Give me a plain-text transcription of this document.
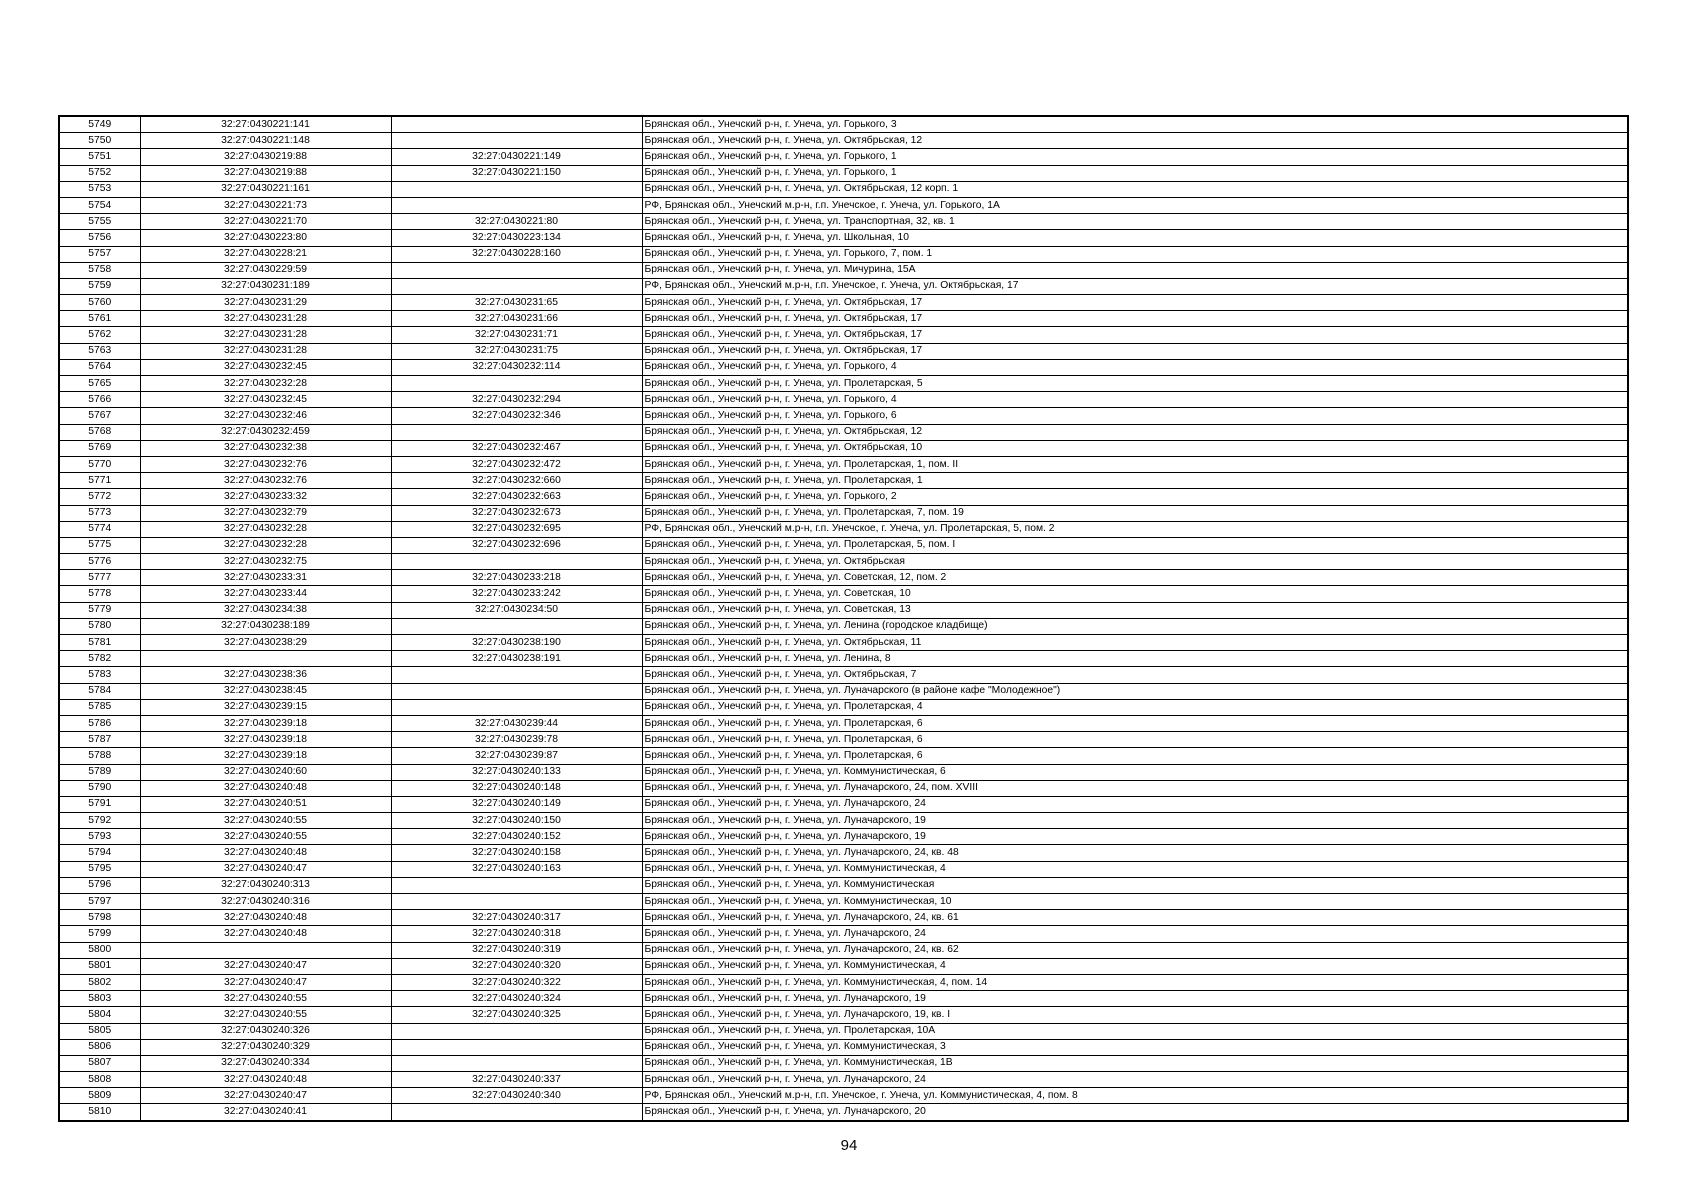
5749	32:27:0430221:141		Брянская обл., Унечский р-н, г. Унеча, ул. Горького, 3
5750	32:27:0430221:148		Брянская обл., Унечский р-н, г. Унеча, ул. Октябрьская, 12
5751	32:27:0430219:88	32:27:0430221:149	Брянская обл., Унечский р-н, г. Унеча, ул. Горького, 1
5752	32:27:0430219:88	32:27:0430221:150	Брянская обл., Унечский р-н, г. Унеча, ул. Горького, 1
5753	32:27:0430221:161		Брянская обл., Унечский р-н, г. Унеча, ул. Октябрьская, 12 корп. 1
5754	32:27:0430221:73		РФ, Брянская обл., Унечский м.р-н, г.п. Унечское, г. Унеча, ул. Горького, 1А
5755	32:27:0430221:70	32:27:0430221:80	Брянская обл., Унечский р-н, г. Унеча, ул. Транспортная, 32, кв. 1
5756	32:27:0430223:80	32:27:0430223:134	Брянская обл., Унечский р-н, г. Унеча, ул. Школьная, 10
5757	32:27:0430228:21	32:27:0430228:160	Брянская обл., Унечский р-н, г. Унеча, ул. Горького, 7, пом. 1
5758	32:27:0430229:59		Брянская обл., Унечский р-н, г. Унеча, ул. Мичурина, 15А
5759	32:27:0430231:189		РФ, Брянская обл., Унечский м.р-н, г.п. Унечское, г. Унеча, ул. Октябрьская, 17
5760	32:27:0430231:29	32:27:0430231:65	Брянская обл., Унечский р-н, г. Унеча, ул. Октябрьская, 17
5761	32:27:0430231:28	32:27:0430231:66	Брянская обл., Унечский р-н, г. Унеча, ул. Октябрьская, 17
5762	32:27:0430231:28	32:27:0430231:71	Брянская обл., Унечский р-н, г. Унеча, ул. Октябрьская, 17
5763	32:27:0430231:28	32:27:0430231:75	Брянская обл., Унечский р-н, г. Унеча, ул. Октябрьская, 17
5764	32:27:0430232:45	32:27:0430232:114	Брянская обл., Унечский р-н, г. Унеча, ул. Горького, 4
5765	32:27:0430232:28		Брянская обл., Унечский р-н, г. Унеча, ул. Пролетарская, 5
5766	32:27:0430232:45	32:27:0430232:294	Брянская обл., Унечский р-н, г. Унеча, ул. Горького, 4
5767	32:27:0430232:46	32:27:0430232:346	Брянская обл., Унечский р-н, г. Унеча, ул. Горького, 6
5768	32:27:0430232:459		Брянская обл., Унечский р-н, г. Унеча, ул. Октябрьская, 12
5769	32:27:0430232:38	32:27:0430232:467	Брянская обл., Унечский р-н, г. Унеча, ул. Октябрьская, 10
5770	32:27:0430232:76	32:27:0430232:472	Брянская обл., Унечский р-н, г. Унеча, ул. Пролетарская, 1, пом. II
5771	32:27:0430232:76	32:27:0430232:660	Брянская обл., Унечский р-н, г. Унеча, ул. Пролетарская, 1
5772	32:27:0430233:32	32:27:0430232:663	Брянская обл., Унечский р-н, г. Унеча, ул. Горького, 2
5773	32:27:0430232:79	32:27:0430232:673	Брянская обл., Унечский р-н, г. Унеча, ул. Пролетарская, 7, пом. 19
5774	32:27:0430232:28	32:27:0430232:695	РФ, Брянская обл., Унечский м.р-н, г.п. Унечское, г. Унеча, ул. Пролетарская, 5, пом. 2
5775	32:27:0430232:28	32:27:0430232:696	Брянская обл., Унечский р-н, г. Унеча, ул. Пролетарская, 5, пом. I
5776	32:27:0430232:75		Брянская обл., Унечский р-н, г. Унеча, ул. Октябрьская
5777	32:27:0430233:31	32:27:0430233:218	Брянская обл., Унечский р-н, г. Унеча, ул. Советская, 12, пом. 2
5778	32:27:0430233:44	32:27:0430233:242	Брянская обл., Унечский р-н, г. Унеча, ул. Советская, 10
5779	32:27:0430234:38	32:27:0430234:50	Брянская обл., Унечский р-н, г. Унеча, ул. Советская, 13
5780	32:27:0430238:189		Брянская обл., Унечский р-н, г. Унеча, ул. Ленина (городское кладбище)
5781	32:27:0430238:29	32:27:0430238:190	Брянская обл., Унечский р-н, г. Унеча, ул. Октябрьская, 11
5782		32:27:0430238:191	Брянская обл., Унечский р-н, г. Унеча, ул. Ленина, 8
5783	32:27:0430238:36		Брянская обл., Унечский р-н, г. Унеча, ул. Октябрьская, 7
5784	32:27:0430238:45		Брянская обл., Унечский р-н, г. Унеча, ул. Луначарского (в районе кафе "Молодежное")
5785	32:27:0430239:15		Брянская обл., Унечский р-н, г. Унеча, ул. Пролетарская, 4
5786	32:27:0430239:18	32:27:0430239:44	Брянская обл., Унечский р-н, г. Унеча, ул. Пролетарская, 6
5787	32:27:0430239:18	32:27:0430239:78	Брянская обл., Унечский р-н, г. Унеча, ул. Пролетарская, 6
5788	32:27:0430239:18	32:27:0430239:87	Брянская обл., Унечский р-н, г. Унеча, ул. Пролетарская, 6
5789	32:27:0430240:60	32:27:0430240:133	Брянская обл., Унечский р-н, г. Унеча, ул. Коммунистическая, 6
5790	32:27:0430240:48	32:27:0430240:148	Брянская обл., Унечский р-н, г. Унеча, ул. Луначарского, 24, пом. XVIII
5791	32:27:0430240:51	32:27:0430240:149	Брянская обл., Унечский р-н, г. Унеча, ул. Луначарского, 24
5792	32:27:0430240:55	32:27:0430240:150	Брянская обл., Унечский р-н, г. Унеча, ул. Луначарского, 19
5793	32:27:0430240:55	32:27:0430240:152	Брянская обл., Унечский р-н, г. Унеча, ул. Луначарского, 19
5794	32:27:0430240:48	32:27:0430240:158	Брянская обл., Унечский р-н, г. Унеча, ул. Луначарского, 24, кв. 48
5795	32:27:0430240:47	32:27:0430240:163	Брянская обл., Унечский р-н, г. Унеча, ул. Коммунистическая, 4
5796	32:27:0430240:313		Брянская обл., Унечский р-н, г. Унеча, ул. Коммунистическая
5797	32:27:0430240:316		Брянская обл., Унечский р-н, г. Унеча, ул. Коммунистическая, 10
5798	32:27:0430240:48	32:27:0430240:317	Брянская обл., Унечский р-н, г. Унеча, ул. Луначарского, 24, кв. 61
5799	32:27:0430240:48	32:27:0430240:318	Брянская обл., Унечский р-н, г. Унеча, ул. Луначарского, 24
5800		32:27:0430240:319	Брянская обл., Унечский р-н, г. Унеча, ул. Луначарского, 24, кв. 62
5801	32:27:0430240:47	32:27:0430240:320	Брянская обл., Унечский р-н, г. Унеча, ул. Коммунистическая, 4
5802	32:27:0430240:47	32:27:0430240:322	Брянская обл., Унечский р-н, г. Унеча, ул. Коммунистическая, 4, пом. 14
5803	32:27:0430240:55	32:27:0430240:324	Брянская обл., Унечский р-н, г. Унеча, ул. Луначарского, 19
5804	32:27:0430240:55	32:27:0430240:325	Брянская обл., Унечский р-н, г. Унеча, ул. Луначарского, 19, кв. I
5805	32:27:0430240:326		Брянская обл., Унечский р-н, г. Унеча, ул. Пролетарская, 10А
5806	32:27:0430240:329		Брянская обл., Унечский р-н, г. Унеча, ул. Коммунистическая, 3
5807	32:27:0430240:334		Брянская обл., Унечский р-н, г. Унеча, ул. Коммунистическая, 1В
5808	32:27:0430240:48	32:27:0430240:337	Брянская обл., Унечский р-н, г. Унеча, ул. Луначарского, 24
5809	32:27:0430240:47	32:27:0430240:340	РФ, Брянская обл., Унечский м.р-н, г.п. Унечское, г. Унеча, ул. Коммунистическая, 4, пом. 8
5810	32:27:0430240:41		Брянская обл., Унечский р-н, г. Унеча, ул. Луначарского, 20
94
